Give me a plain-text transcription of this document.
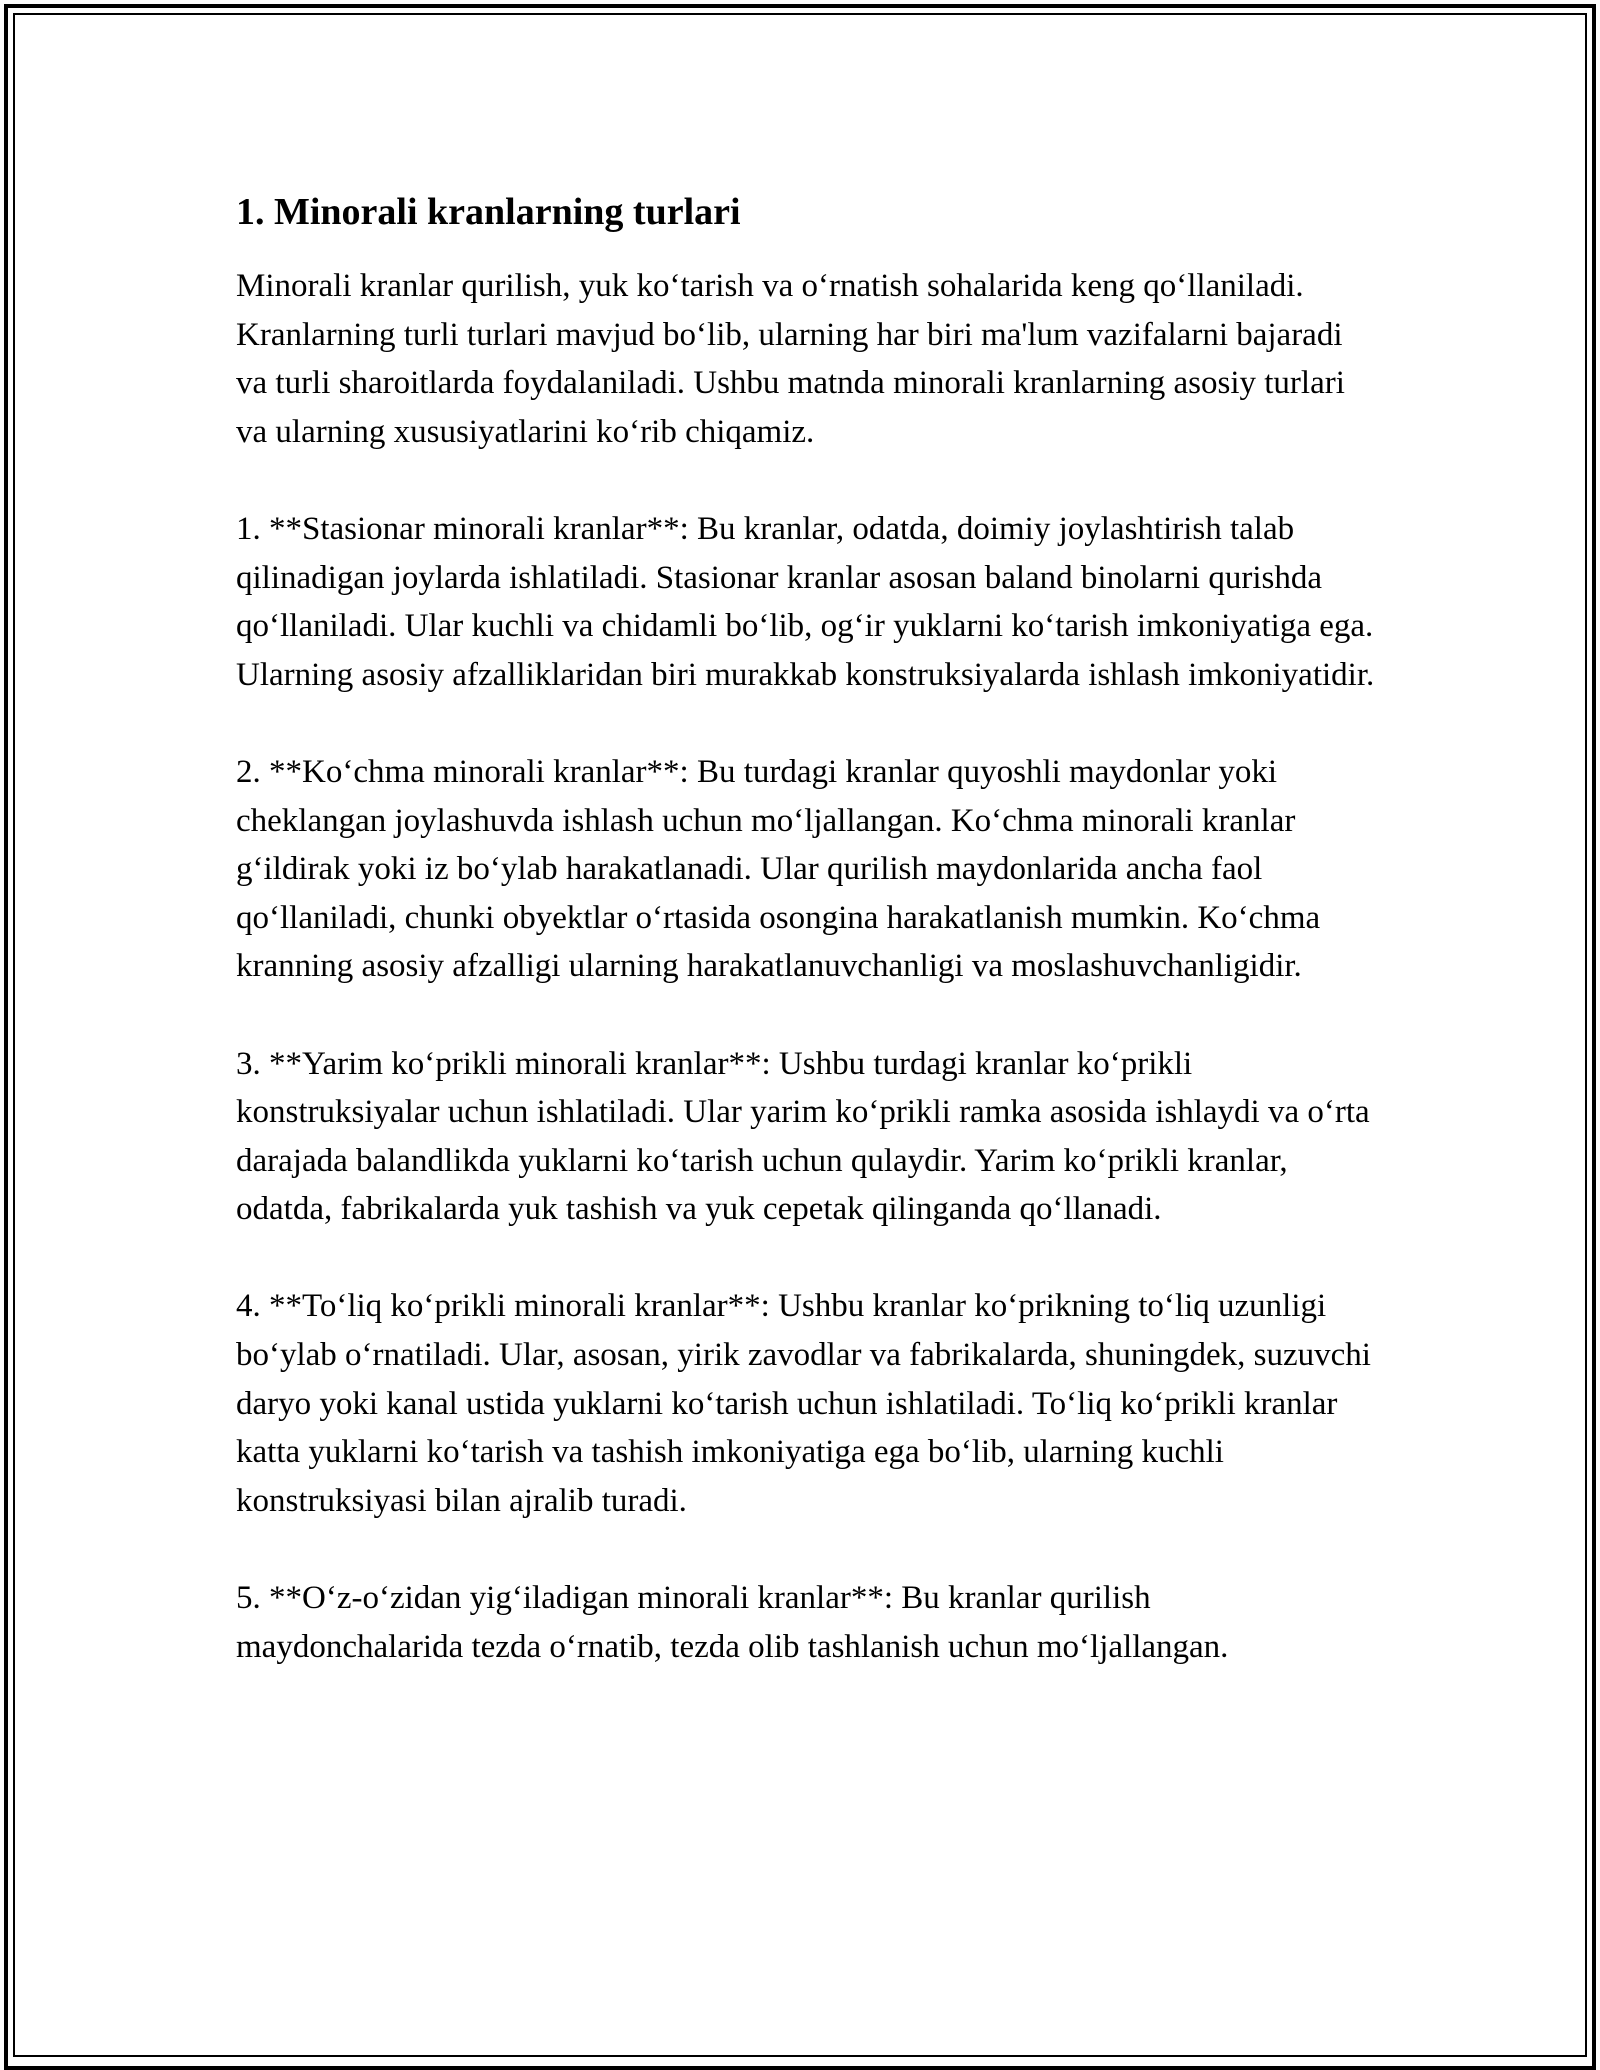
1. Minorali kranlarning turlari

Minorali kranlar qurilish, yuk ko‘tarish va o‘rnatish sohalarida keng qo‘llaniladi. Kranlarning turli turlari mavjud bo‘lib, ularning har biri ma'lum vazifalarni bajaradi va turli sharoitlarda foydalaniladi. Ushbu matnda minorali kranlarning asosiy turlari va ularning xususiyatlarini ko‘rib chiqamiz.

1. **Stasionar minorali kranlar**: Bu kranlar, odatda, doimiy joylashtirish talab qilinadigan joylarda ishlatiladi. Stasionar kranlar asosan baland binolarni qurishda qo‘llaniladi. Ular kuchli va chidamli bo‘lib, og‘ir yuklarni ko‘tarish imkoniyatiga ega. Ularning asosiy afzalliklaridan biri murakkab konstruksiyalarda ishlash imkoniyatidir.

2. **Ko‘chma minorali kranlar**: Bu turdagi kranlar quyoshli maydonlar yoki cheklangan joylashuvda ishlash uchun mo‘ljallangan. Ko‘chma minorali kranlar g‘ildirak yoki iz bo‘ylab harakatlanadi. Ular qurilish maydonlarida ancha faol qo‘llaniladi, chunki obyektlar o‘rtasida osongina harakatlanish mumkin. Ko‘chma kranning asosiy afzalligi ularning harakatlanuvchanligi va moslashuvchanligidir.

3. **Yarim ko‘prikli minorali kranlar**: Ushbu turdagi kranlar ko‘prikli konstruksiyalar uchun ishlatiladi. Ular yarim ko‘prikli ramka asosida ishlaydi va o‘rta darajada balandlikda yuklarni ko‘tarish uchun qulaydir. Yarim ko‘prikli kranlar, odatda, fabrikalarda yuk tashish va yuk cepetak qilinganda qo‘llanadi.

4. **To‘liq ko‘prikli minorali kranlar**: Ushbu kranlar ko‘prikning to‘liq uzunligi bo‘ylab o‘rnatiladi. Ular, asosan, yirik zavodlar va fabrikalarda, shuningdek, suzuvchi daryo yoki kanal ustida yuklarni ko‘tarish uchun ishlatiladi. To‘liq ko‘prikli kranlar katta yuklarni ko‘tarish va tashish imkoniyatiga ega bo‘lib, ularning kuchli konstruksiyasi bilan ajralib turadi.

5. **O‘z-o‘zidan yig‘iladigan minorali kranlar**: Bu kranlar qurilish maydonchalarida tezda o‘rnatib, tezda olib tashlanish uchun mo‘ljallangan.
